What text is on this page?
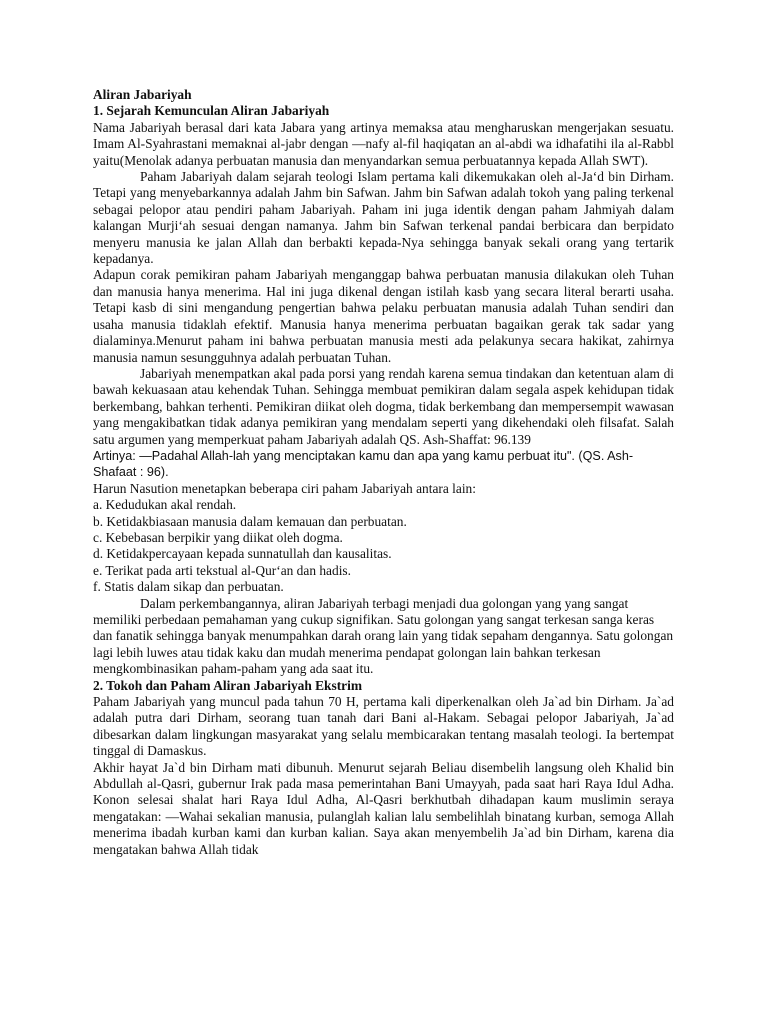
Aliran Jabariyah
1. Sejarah Kemunculan Aliran Jabariyah

Nama Jabariyah berasal dari kata Jabara yang artinya memaksa atau mengharuskan mengerjakan sesuatu. Imam Al-Syahrastani memaknai al-jabr dengan —nafy al-fil haqiqatan an al-abdi wa idhafatihi ila al-Rabbl yaitu(Menolak adanya perbuatan manusia dan menyandarkan semua perbuatannya kepada Allah SWT).

Paham Jabariyah dalam sejarah teologi Islam pertama kali dikemukakan oleh al-Ja‘d bin Dirham. Tetapi yang menyebarkannya adalah Jahm bin Safwan. Jahm bin Safwan adalah tokoh yang paling terkenal sebagai pelopor atau pendiri paham Jabariyah. Paham ini juga identik dengan paham Jahmiyah dalam kalangan Murji‘ah sesuai dengan namanya. Jahm bin Safwan terkenal pandai berbicara dan berpidato menyeru manusia ke jalan Allah dan berbakti kepada-Nya sehingga banyak sekali orang yang tertarik kepadanya.

Adapun corak pemikiran paham Jabariyah menganggap bahwa perbuatan manusia dilakukan oleh Tuhan dan manusia hanya menerima. Hal ini juga dikenal dengan istilah kasb yang secara literal berarti usaha. Tetapi kasb di sini mengandung pengertian bahwa pelaku perbuatan manusia adalah Tuhan sendiri dan usaha manusia tidaklah efektif. Manusia hanya menerima perbuatan bagaikan gerak tak sadar yang dialaminya.Menurut paham ini bahwa perbuatan manusia mesti ada pelakunya secara hakikat, zahirnya manusia namun sesungguhnya adalah perbuatan Tuhan.

Jabariyah menempatkan akal pada porsi yang rendah karena semua tindakan dan ketentuan alam di bawah kekuasaan atau kehendak Tuhan. Sehingga membuat pemikiran dalam segala aspek kehidupan tidak berkembang, bahkan terhenti. Pemikiran diikat oleh dogma, tidak berkembang dan mempersempit wawasan yang mengakibatkan tidak adanya pemikiran yang mendalam seperti yang dikehendaki oleh filsafat. Salah satu argumen yang memperkuat paham Jabariyah adalah QS. Ash-Shaffat: 96.139

Artinya: —Padahal Allah-lah yang menciptakan kamu dan apa yang kamu perbuat itu". (QS. Ash-Shafaat : 96).

Harun Nasution menetapkan beberapa ciri paham Jabariyah antara lain:

a. Kedudukan akal rendah.
b. Ketidakbiasaan manusia dalam kemauan dan perbuatan.
c. Kebebasan berpikir yang diikat oleh dogma.
d. Ketidakpercayaan kepada sunnatullah dan kausalitas.
e. Terikat pada arti tekstual al-Qur‘an dan hadis.
f. Statis dalam sikap dan perbuatan.

Dalam perkembangannya, aliran Jabariyah terbagi menjadi dua golongan yang yang sangat memiliki perbedaan pemahaman yang cukup signifikan. Satu golongan yang sangat terkesan sanga keras dan fanatik sehingga banyak menumpahkan darah orang lain yang tidak sepaham dengannya. Satu golongan lagi lebih luwes atau tidak kaku dan mudah menerima pendapat golongan lain bahkan terkesan mengkombinasikan paham-paham yang ada saat itu.

2. Tokoh dan Paham Aliran Jabariyah Ekstrim

Paham Jabariyah yang muncul pada tahun 70 H, pertama kali diperkenalkan oleh Ja`ad bin Dirham. Ja`ad adalah putra dari Dirham, seorang tuan tanah dari Bani al-Hakam. Sebagai pelopor Jabariyah, Ja`ad dibesarkan dalam lingkungan masyarakat yang selalu membicarakan tentang masalah teologi. Ia bertempat tinggal di Damaskus.

Akhir hayat Ja`d bin Dirham mati dibunuh. Menurut sejarah Beliau disembelih langsung oleh Khalid bin Abdullah al-Qasri, gubernur Irak pada masa pemerintahan Bani Umayyah, pada saat hari Raya Idul Adha. Konon selesai shalat hari Raya Idul Adha, Al-Qasri berkhutbah dihadapan kaum muslimin seraya mengatakan: —Wahai sekalian manusia, pulanglah kalian lalu sembelihlah binatang kurban, semoga Allah menerima ibadah kurban kami dan kurban kalian. Saya akan menyembelih Ja`ad bin Dirham, karena dia mengatakan bahwa Allah tidak
